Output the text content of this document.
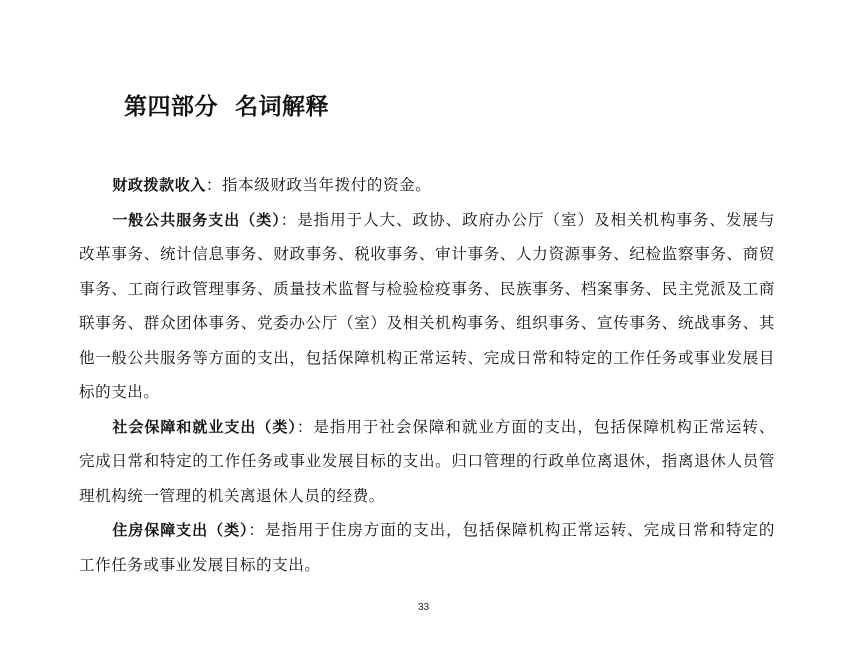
第四部分  名词解释

财政拨款收入：指本级财政当年拨付的资金。

一般公共服务支出（类）：是指用于人大、政协、政府办公厅（室）及相关机构事务、发展与改革事务、统计信息事务、财政事务、税收事务、审计事务、人力资源事务、纪检监察事务、商贸事务、工商行政管理事务、质量技术监督与检验检疫事务、民族事务、档案事务、民主党派及工商联事务、群众团体事务、党委办公厅（室）及相关机构事务、组织事务、宣传事务、统战事务、其他一般公共服务等方面的支出，包括保障机构正常运转、完成日常和特定的工作任务或事业发展目标的支出。

社会保障和就业支出（类）：是指用于社会保障和就业方面的支出，包括保障机构正常运转、完成日常和特定的工作任务或事业发展目标的支出。归口管理的行政单位离退休，指离退休人员管理机构统一管理的机关离退休人员的经费。

住房保障支出（类）：是指用于住房方面的支出，包括保障机构正常运转、完成日常和特定的工作任务或事业发展目标的支出。

33
